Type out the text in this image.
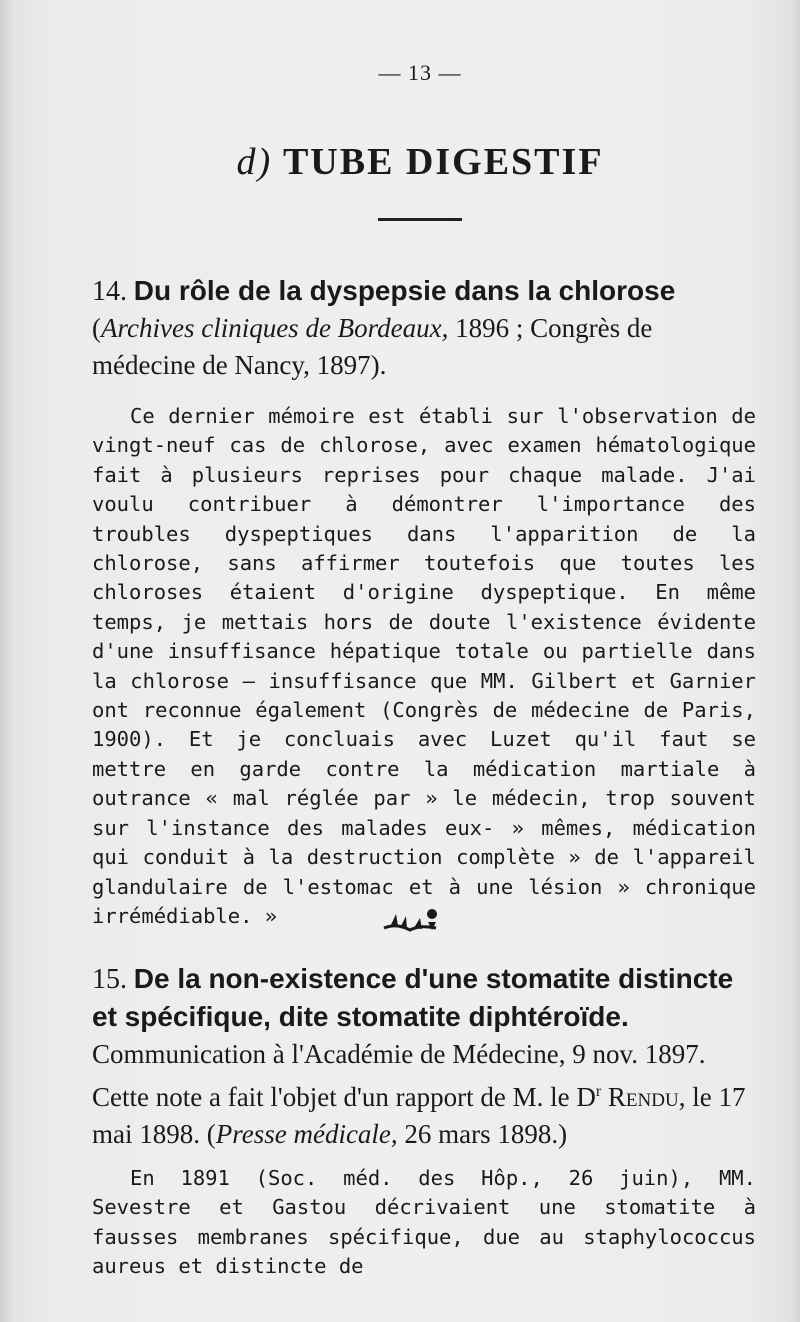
— 13 —
d) TUBE DIGESTIF
14. Du rôle de la dyspepsie dans la chlorose (Archives cliniques de Bordeaux, 1896 ; Congrès de médecine de Nancy, 1897).
Ce dernier mémoire est établi sur l'observation de vingt-neuf cas de chlorose, avec examen hématologique fait à plusieurs reprises pour chaque malade. J'ai voulu contribuer à démontrer l'importance des troubles dyspeptiques dans l'apparition de la chlorose, sans affirmer toutefois que toutes les chloroses étaient d'origine dyspeptique. En même temps, je mettais hors de doute l'existence évidente d'une insuffisance hépatique totale ou partielle dans la chlorose — insuffisance que MM. Gilbert et Garnier ont reconnue également (Congrès de médecine de Paris, 1900). Et je concluais avec Luzet qu'il faut se mettre en garde contre la médication martiale à outrance « mal réglée par » le médecin, trop souvent sur l'instance des malades eux- » mêmes, médication qui conduit à la destruction complète » de l'appareil glandulaire de l'estomac et à une lésion » chronique irrémédiable. »
15. De la non-existence d'une stomatite distincte et spécifique, dite stomatite diphtéroïde. Communication à l'Académie de Médecine, 9 nov. 1897. Cette note a fait l'objet d'un rapport de M. le $D^r$ Rendu, le 17 mai 1898. (Presse médicale, 26 mars 1898.)
En 1891 (Soc. méd. des Hôp., 26 juin), MM. Sevestre et Gastou décrivaient une stomatite à fausses membranes spécifique, due au staphylococcus aureus et distincte de
